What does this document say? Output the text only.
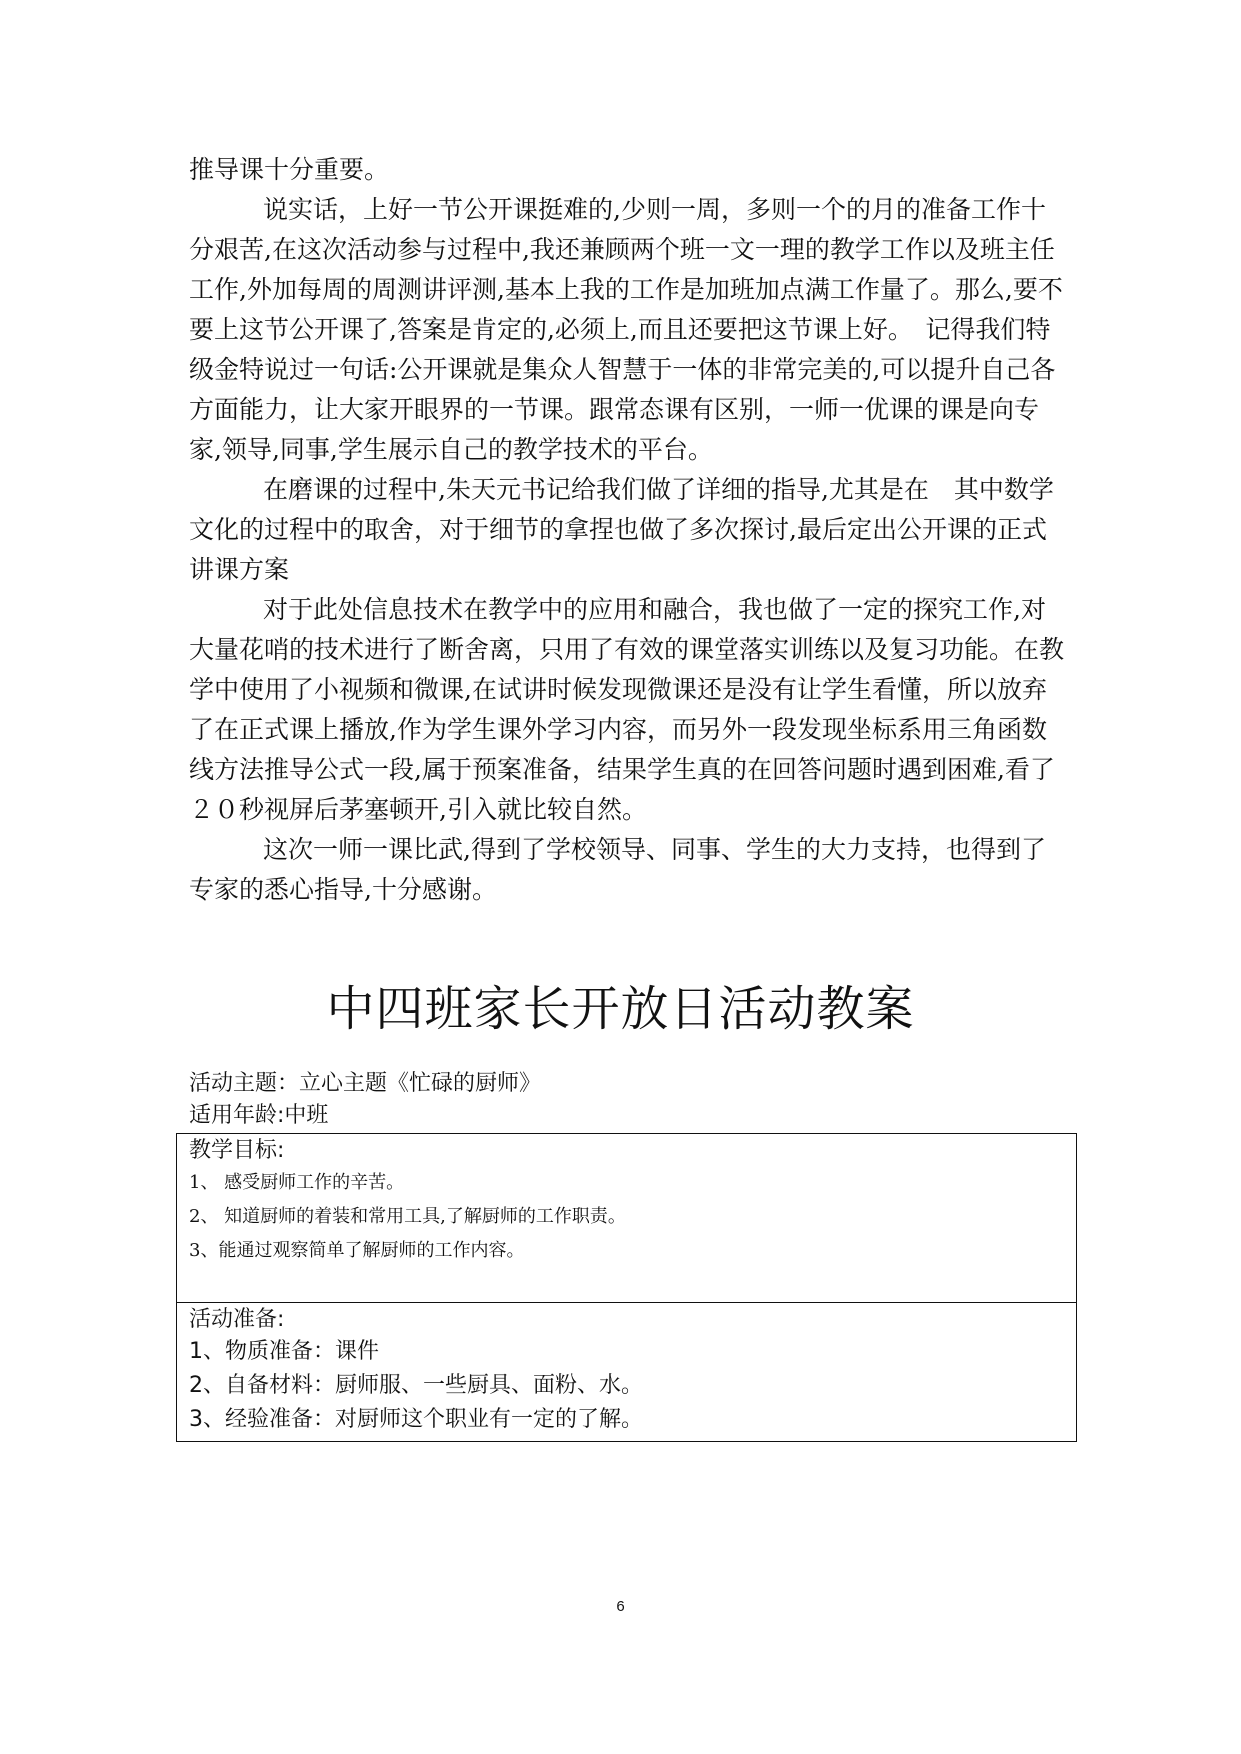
推导课十分重要。

说实话，上好一节公开课挺难的,少则一周，多则一个的月的准备工作十分艰苦,在这次活动参与过程中,我还兼顾两个班一文一理的教学工作以及班主任工作,外加每周的周测讲评测,基本上我的工作是加班加点满工作量了。那么,要不要上这节公开课了,答案是肯定的,必须上,而且还要把这节课上好。　记得我们特级金特说过一句话:公开课就是集众人智慧于一体的非常完美的,可以提升自己各方面能力，让大家开眼界的一节课。跟常态课有区别，一师一优课的课是向专家,领导,同事,学生展示自己的教学技术的平台。

在磨课的过程中,朱天元书记给我们做了详细的指导,尤其是在　其中数学文化的过程中的取舍，对于细节的拿捏也做了多次探讨,最后定出公开课的正式讲课方案

对于此处信息技术在教学中的应用和融合，我也做了一定的探究工作,对大量花哨的技术进行了断舍离，只用了有效的课堂落实训练以及复习功能。在教学中使用了小视频和微课,在试讲时候发现微课还是没有让学生看懂，所以放弃了在正式课上播放,作为学生课外学习内容，而另外一段发现坐标系用三角函数线方法推导公式一段,属于预案准备，结果学生真的在回答问题时遇到困难,看了２０秒视屏后茅塞顿开,引入就比较自然。

这次一师一课比武,得到了学校领导、同事、学生的大力支持，也得到了专家的悉心指导,十分感谢。

中四班家长开放日活动教案
活动主题：立心主题《忙碌的厨师》
适用年龄:中班
教学目标:
1、 感受厨师工作的辛苦。
2、 知道厨师的着装和常用工具,了解厨师的工作职责。
3、能通过观察简单了解厨师的工作内容。

活动准备:
1、物质准备：课件
2、自备材料：厨师服、一些厨具、面粉、水。
3、经验准备：对厨师这个职业有一定的了解。
6
